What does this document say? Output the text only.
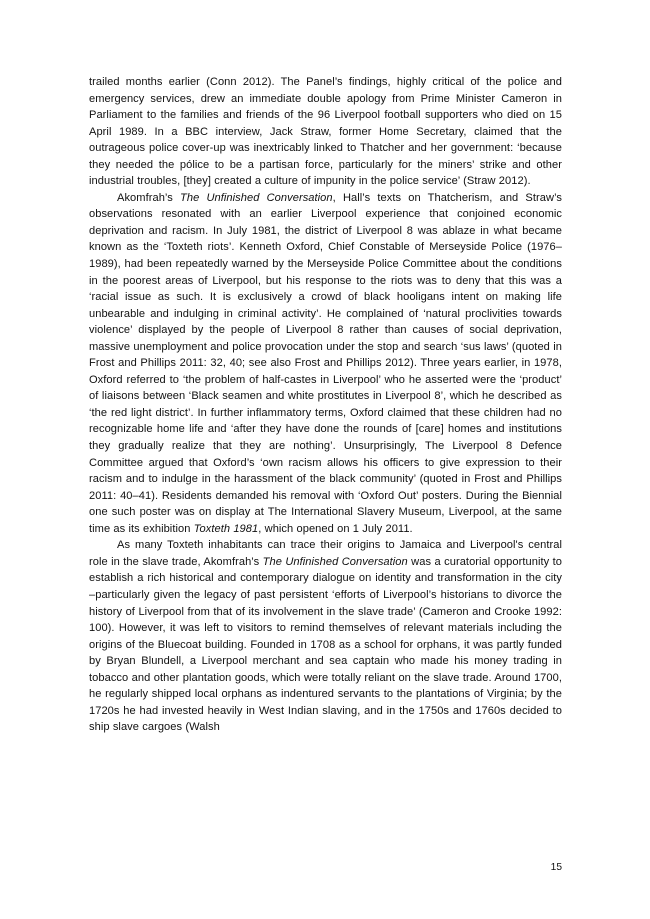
trailed months earlier (Conn 2012). The Panel’s findings, highly critical of the police and emergency services, drew an immediate double apology from Prime Minister Cameron in Parliament to the families and friends of the 96 Liverpool football supporters who died on 15 April 1989. In a BBC interview, Jack Straw, former Home Secretary, claimed that the outrageous police cover-up was inextricably linked to Thatcher and her government: ‘because they needed the pólice to be a partisan force, particularly for the miners’ strike and other industrial troubles, [they] created a culture of impunity in the police service’ (Straw 2012).

Akomfrah’s The Unfinished Conversation, Hall’s texts on Thatcherism, and Straw’s observations resonated with an earlier Liverpool experience that conjoined economic deprivation and racism. In July 1981, the district of Liverpool 8 was ablaze in what became known as the ‘Toxteth riots’. Kenneth Oxford, Chief Constable of Merseyside Police (1976–1989), had been repeatedly warned by the Merseyside Police Committee about the conditions in the poorest areas of Liverpool, but his response to the riots was to deny that this was a ‘racial issue as such. It is exclusively a crowd of black hooligans intent on making life unbearable and indulging in criminal activity’. He complained of ‘natural proclivities towards violence’ displayed by the people of Liverpool 8 rather than causes of social deprivation, massive unemployment and police provocation under the stop and search ‘sus laws’ (quoted in Frost and Phillips 2011: 32, 40; see also Frost and Phillips 2012). Three years earlier, in 1978, Oxford referred to ‘the problem of half-castes in Liverpool’ who he asserted were the ‘product’ of liaisons between ‘Black seamen and white prostitutes in Liverpool 8’, which he described as ‘the red light district’. In further inflammatory terms, Oxford claimed that these children had no recognizable home life and ‘after they have done the rounds of [care] homes and institutions they gradually realize that they are nothing’. Unsurprisingly, The Liverpool 8 Defence Committee argued that Oxford’s ‘own racism allows his officers to give expression to their racism and to indulge in the harassment of the black community’ (quoted in Frost and Phillips 2011: 40–41). Residents demanded his removal with ‘Oxford Out’ posters. During the Biennial one such poster was on display at The International Slavery Museum, Liverpool, at the same time as its exhibition Toxteth 1981, which opened on 1 July 2011.

As many Toxteth inhabitants can trace their origins to Jamaica and Liverpool's central role in the slave trade, Akomfrah’s The Unfinished Conversation was a curatorial opportunity to establish a rich historical and contemporary dialogue on identity and transformation in the city –particularly given the legacy of past persistent ‘efforts of Liverpool’s historians to divorce the history of Liverpool from that of its involvement in the slave trade’ (Cameron and Crooke 1992: 100). However, it was left to visitors to remind themselves of relevant materials including the origins of the Bluecoat building. Founded in 1708 as a school for orphans, it was partly funded by Bryan Blundell, a Liverpool merchant and sea captain who made his money trading in tobacco and other plantation goods, which were totally reliant on the slave trade. Around 1700, he regularly shipped local orphans as indentured servants to the plantations of Virginia; by the 1720s he had invested heavily in West Indian slaving, and in the 1750s and 1760s decided to ship slave cargoes (Walsh

15
